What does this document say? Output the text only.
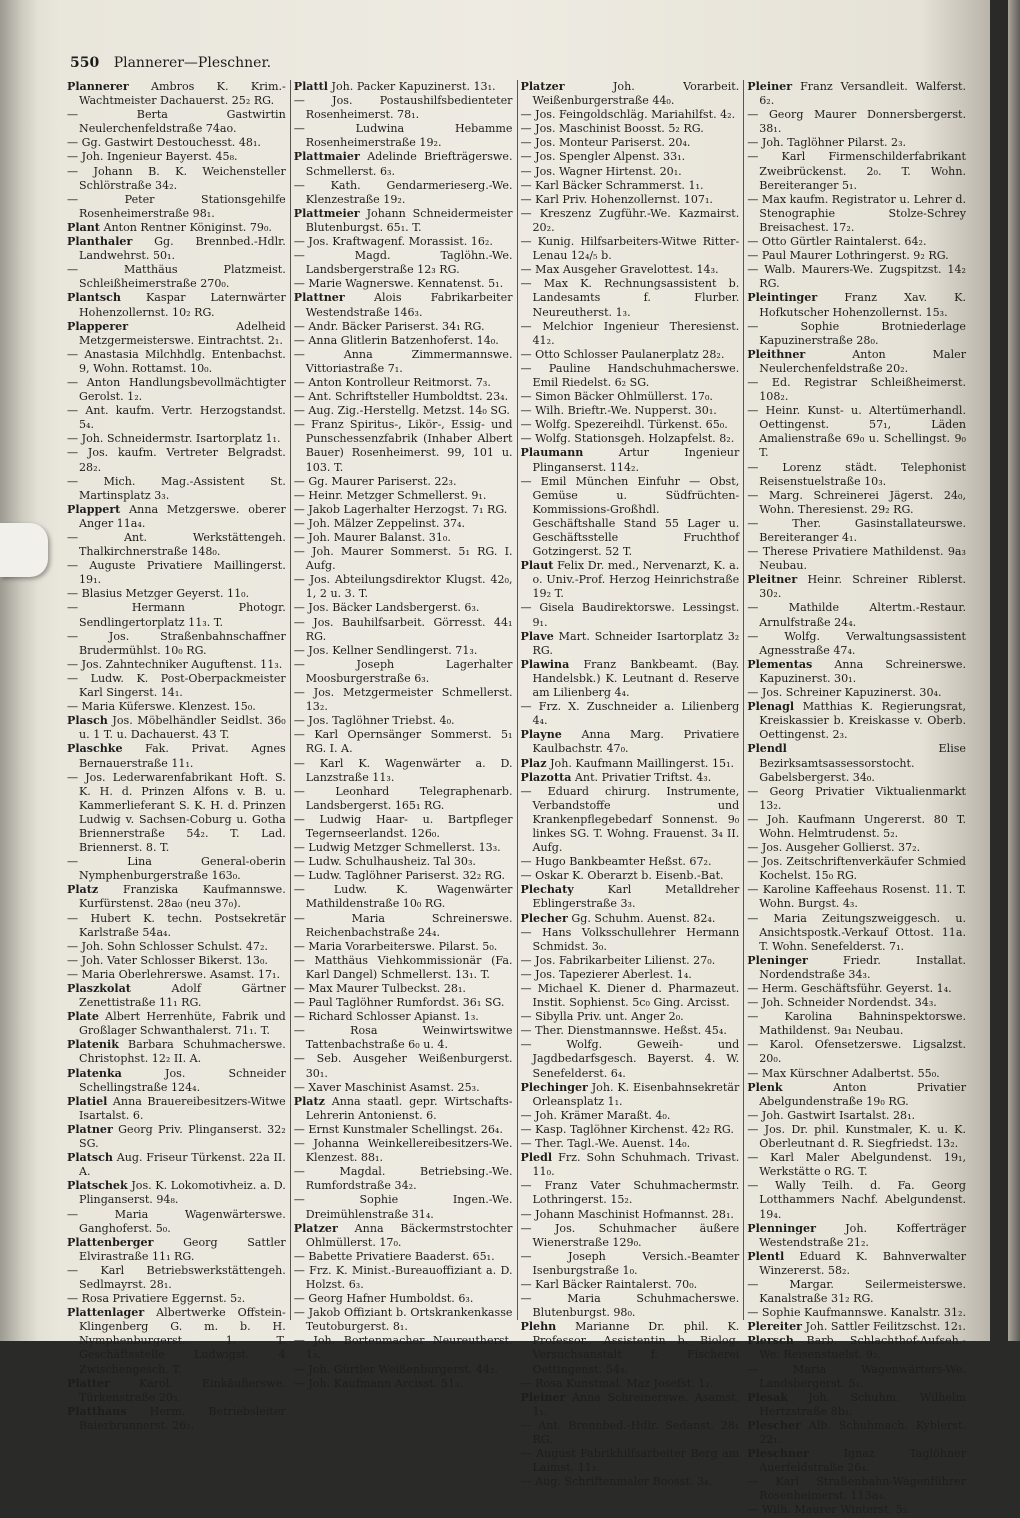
550 Plannerer—Pleschner.

Plannerer Ambros K. Krim.-Wachtmeister Dachauerst. 25₂ RG.

— Berta Gastwirtin Neulerchenfeldstraße 74ao.

— Gg. Gastwirt Destouchesst. 48₁.

— Joh. Ingenieur Bayerst. 45₈.

— Johann B. K. Weichensteller Schlörstraße 34₂.

— Peter Stationsgehilfe Rosenheimerstraße 98₁.

Plant Anton Rentner Königinst. 79₀.

Planthaler Gg. Brennbed.-Hdlr. Landwehrst. 50₁.

— Matthäus Platzmeist. Schleißheimerstraße 270₀.

Plantsch Kaspar Laternwärter Hohenzollernst. 10₂ RG.

Plapperer	Adelheid Metzgermeisterswe. Eintrachtst. 2₁.

— Anastasia Milchhdlg. Entenbachst. 9, Wohn. Rottamst. 10₀.

— Anton Handlungsbevollmächtigter Gerolst. 1₂.

— Ant. kaufm. Vertr. Herzogstandst. 5₄.

— Joh. Schneidermstr. Isartorplatz 1₁.

— Jos. kaufm. Vertreter Belgradst. 28₂.

— Mich. Mag.-Assistent St. Martinsplatz 3₃.

Plappert Anna Metzgerswe. oberer Anger 11a₄.

— Ant. Werkstättengeh. Thalkirchnerstraße 148₀.

— Auguste Privatiere Maillingerst. 19₁.

— Blasius Metzger Geyerst. 11₀.

— Hermann Photogr. Sendlingertorplatz 11₃. T.

— Jos. Straßenbahnschaffner Brudermühlst. 10₀ RG.

— Jos. Zahntechniker Auguftenst. 11₃.

— Ludw. K. Post-Oberpackmeister Karl Singerst. 14₁.

— Maria Küferswe. Klenzest. 15₀.

Plasch Jos. Möbelhändler Seidlst. 36₀ u. 1 T. u. Dachauerst. 43 T.

Plaschke Fak. Privat. Agnes Bernauerstraße 11₁.

— Jos. Lederwarenfabrikant Hoft. S. K. H. d. Prinzen Alfons v. B. u. Kammerlieferant S. K. H. d. Prinzen Ludwig v. Sachsen-Coburg u. Gotha Briennerstraße 54₂. T. Lad. Briennerst. 8. T.

— Lina General-oberin Nymphenburgerstraße 163₀.

Platz Franziska Kaufmannswe. Kurfürstenst. 28a₀ (neu 37₀).

— Hubert K. techn. Postsekretär Karlstraße 54a₄.

— Joh. Sohn Schlosser Schulst. 47₂.

— Joh. Vater Schlosser Bikerst. 13₀.

— Maria Oberlehrerswe. Asamst. 17₁.

Plaszkolat	Adolf Gärtner Zenettistraße 11₁ RG.

Plate Albert Herrenhüte, Fabrik und Großlager Schwanthalerst. 71₁. T.

Platenik Barbara Schuhmacherswe. Christophst. 12₂ II. A.

Platenka	Jos. Schneider Schellingstraße 124₄.

Platiel Anna Brauereibesitzers-Witwe Isartalst. 6.

Platner Georg Priv. Plinganserst. 32₂ SG.

Platsch Aug. Friseur Türkenst. 22a II. A.

Platschek Jos. K. Lokomotivheiz. a. D. Plinganserst. 94₈.

— Maria Wagenwärterswe. Ganghoferst. 5₀.

Plattenberger	Georg Sattler Elvirastraße 11₁ RG.

— Karl Betriebswerkstättengeh. Sedlmayrst. 28₁.

— Rosa Privatiere Eggernst. 5₂.

Plattenlager Albertwerke Offstein-Klingenberg G. m. b. H. Nymphenburgerst. 1. T. Geschäftsstelle Ludwigst. 4 Zwischengesch. T.

Platter	Karol. Einkäufierswe. Türkenstraße 20₃.

Platthaus Herm. Betriebsleiter Baierbrunnerst. 26₂.

Plattl Joh. Packer Kapuzinerst. 13₁.

— Jos. Postaushilfsbedienteter Rosenheimerst. 78₁.

— Ludwina Hebamme Rosenheimerstraße 19₂.

Plattmaier Adelinde Briefträgerswe. Schmellerst. 6₃.

— Kath. Gendarmerieserg.-We. Klenzestraße 19₂.

Plattmeier Johann Schneidermeister Blutenburgst. 65₁. T.

— Jos. Kraftwagenf. Morassist. 16₂.

— Magd. Taglöhn.-We. Landsbergerstraße 12₃ RG.

— Marie Wagnerswe. Kennatenst. 5₁.

Plattner	Alois Fabrikarbeiter Westendstraße 146₃.

— Andr. Bäcker Pariserst. 34₁ RG.

— Anna Glitlerin Batzenhoferst. 14₀.

— Anna Zimmermannswe. Vittoriastraße 7₁.

— Anton Kontrolleur Reitmorst. 7₃.

— Ant. Schriftsteller Humboldtst. 23₄.

— Aug. Zig.-Herstellg. Metzst. 14₀ SG.

— Franz Spiritus-, Likör-, Essig- und Punschessenzfabrik (Inhaber Albert Bauer) Rosenheimerst. 99, 101 u. 103. T.

— Gg. Maurer Pariserst. 22₃.

— Heinr. Metzger Schmellerst. 9₁.

— Jakob Lagerhalter Herzogst. 7₁ RG.

— Joh. Mälzer Zeppelinst. 37₄.

— Joh. Maurer Balanst. 31₀.

— Joh. Maurer Sommerst. 5₁ RG. I. Aufg.

— Jos. Abteilungsdirektor Klugst. 42₀, 1, 2 u. 3. T.

— Jos. Bäcker Landsbergerst. 6₃.

— Jos. Bauhilfsarbeit. Görresst. 44₁ RG.

— Jos. Kellner Sendlingerst. 71₃.

— Joseph Lagerhalter Moosburgerstraße 6₃.

— Jos. Metzgermeister Schmellerst. 13₂.

— Jos. Taglöhner Triebst. 4₀.

— Karl Opernsänger Sommerst. 5₁ RG. I. A.

— Karl K. Wagenwärter a. D. Lanzstraße 11₃.

— Leonhard Telegraphenarb. Landsbergerst. 165₁ RG.

— Ludwig Haar- u. Bartpfleger Tegernseerlandst. 126₀.

— Ludwig Metzger Schmellerst. 13₃.

— Ludw. Schulhausheiz. Tal 30₃.

— Ludw. Taglöhner Pariserst. 32₂ RG.

— Ludw. K. Wagenwärter Mathildenstraße 10₀ RG.

— Maria Schreinerswe. Reichenbachstraße 24₄.

— Maria Vorarbeiterswe. Pilarst. 5₀.

— Matthäus Viehkommissionär (Fa. Karl Dangel) Schmellerst. 13₁. T.

— Max Maurer Tulbeckst. 28₁.

— Paul Taglöhner Rumfordst. 36₁ SG.

— Richard Schlosser Apianst. 1₃.

— Rosa Weinwirtswitwe Tattenbachstraße 6₀ u. 4.

— Seb. Ausgeher Weißenburgerst. 30₁.

— Xaver Maschinist Asamst. 25₃.

Platz Anna staatl. gepr. Wirtschafts-Lehrerin Antonienst. 6.

— Ernst Kunstmaler Schellingst. 26₄.

— Johanna Weinkellereibesitzers-We. Klenzest. 88₁.

— Magdal. Betriebsing.-We. Rumfordstraße 34₂.

— Sophie Ingen.-We. Dreimühlenstraße 31₄.

Platzer Anna Bäckermstrstochter Ohlmüllerst. 17₀.

— Babette Privatiere Baaderst. 65₁.

— Frz. K. Minist.-Bureauoffiziant a. D. Holzst. 6₃.

— Georg Hafner Humboldst. 6₃.

— Jakob Offiziant b. Ortskrankenkasse Teutoburgerst. 8₁.

— Joh. Bortenmacher Neureutherst. 1₃.

— Joh. Gürtler Weißenburgerst. 44₂.

— Joh. Kaufmann Arcisst. 51₃.

Platzer	Joh. Vorarbeit. Weißenburgerstraße 44₀.

— Jos. Feingoldschläg. Mariahilfst. 4₂.

— Jos. Maschinist Boosst. 5₂ RG.

— Jos. Monteur Pariserst. 20₄.

— Jos. Spengler Alpenst. 33₁.

— Jos. Wagner Hirtenst. 20₁.

— Karl Bäcker Schrammerst. 1₁.

— Karl Priv. Hohenzollernst. 107₁.

— Kreszenz Zugführ.-We. Kazmairst. 20₂.

— Kunig. Hilfsarbeiters-Witwe Ritter-Lenau 12₄/₅ b.

— Max Ausgeher Gravelottest. 14₃.

— Max K. Rechnungsassistent b. Landesamts f. Flurber. Neureutherst. 1₃.

— Melchior Ingenieur Theresienst. 41₂.

— Otto Schlosser Paulanerplatz 28₂.

— Pauline Handschuhmacherswe. Emil Riedelst. 6₂ SG.

— Simon Bäcker Ohlmüllerst. 17₀.

— Wilh. Brieftr.-We. Nupperst. 30₁.

— Wolfg. Spezereihdl. Türkenst. 65₀.

— Wolfg. Stationsgeh. Holzapfelst. 8₂.

Plaumann	Artur Ingenieur Plinganserst. 114₂.

— Emil München Einfuhr — Obst, Gemüse u. Südfrüchten-Kommissions-Großhdl. Geschäftshalle Stand 55 Lager u. Geschäftsstelle Fruchthof Gotzingerst. 52 T.

Plaut Felix Dr. med., Nervenarzt, K. a. o. Univ.-Prof. Herzog Heinrichstraße 19₂ T.

— Gisela Baudirektorswe. Lessingst. 9₁.

Plave Mart. Schneider Isartorplatz 3₂ RG.

Plawina Franz Bankbeamt. (Bay. Handelsbk.) K. Leutnant d. Reserve am Lilienberg 4₄.

— Frz. X. Zuschneider a. Lilienberg 4₄.

Playne Anna Marg. Privatiere Kaulbachstr. 47₀.

Plaz Joh. Kaufmann Maillingerst. 15₁.

Plazotta Ant. Privatier Triftst. 4₃.

— Eduard chirurg. Instrumente, Verbandstoffe und Krankenpflegebedarf Sonnenst. 9₀ linkes SG. T. Wohng. Frauenst. 3₄ II. Aufg.

— Hugo Bankbeamter Heßst. 67₂.

— Oskar K. Oberarzt b. Eisenb.-Bat.

Plechaty	Karl Metalldreher Eblingerstraße 3₃.

Plecher Gg. Schuhm. Auenst. 82₄.

— Hans Volksschullehrer Hermann Schmidst. 3₀.

— Jos. Fabrikarbeiter Lilienst. 27₀.

— Jos. Tapezierer Aberlest. 1₄.

— Michael K. Diener d. Pharmazeut. Instit. Sophienst. 5c₀ Ging. Arcisst.

— Sibylla Priv. unt. Anger 2₀.

— Ther. Dienstmannswe. Heßst. 45₄.

— Wolfg. Geweih- und Jagdbedarfsgesch. Bayerst. 4. W. Senefelderst. 6₄.

Plechinger Joh. K. Eisenbahnsekretär Orleansplatz 1₁.

— Joh. Krämer Maraßt. 4₀.

— Kasp. Taglöhner Kirchenst. 42₂ RG.

— Ther. Tagl.-We. Auenst. 14₀.

Pledl Frz. Sohn Schuhmach. Trivast. 11₀.

— Franz Vater Schuhmachermstr. Lothringerst. 15₂.

— Johann Maschinist Hofmannst. 28₁.

— Jos. Schuhmacher äußere Wienerstraße 129₀.

— Joseph Versich.-Beamter Isenburgstraße 1₀.

— Karl Bäcker Raintalerst. 70₀.

— Maria Schuhmacherswe. Blutenburgst. 98₀.

Plehn Marianne Dr. phil. K. Professor., Assistentin b. Biolog. Versuchsanstalt f. Fischerei Oettingenst. 54₃.

— Rosa Kunstmal. Maz Josefst. 1₂.

Pleiner Anna Schreinerswe. Asamst. 1₁.

— Ant. Brennbed.-Hdlr. Sedanst. 28₁ RG.

— August Fabrikhilfsarbeiter Berg am Laimst. 11₂.

— Aug. Schriftenmaler Boosst. 3₄.

Pleiner Franz Versandleit. Walferst. 6₂.

— Georg Maurer Donnersbergerst. 38₁.

— Joh. Taglöhner Pilarst. 2₃.

— Karl Firmenschilderfabrikant Zweibrückenst. 2₀. T. Wohn. Bereiteranger 5₁.

— Max kaufm. Registrator u. Lehrer d. Stenographie Stolze-Schrey Breisachest. 17₂.

— Otto Gürtler Raintalerst. 64₂.

— Paul Maurer Lothringerst. 9₂ RG.

— Walb. Maurers-We. Zugspitzst. 14₂ RG.

Pleintinger Franz Xav. K. Hofkutscher Hohenzollernst. 15₃.

— Sophie Brotniederlage Kapuzinerstraße 28₀.

Pleithner	Anton Maler Neulerchenfeldstraße 20₂.

— Ed. Registrar Schleißheimerst. 108₂.

— Heinr. Kunst- u. Altertümerhandl. Oettingenst. 57₁, Läden Amalienstraße 69₀ u. Schellingst. 9₀ T.

— Lorenz städt. Telephonist Reisenstuelstraße 10₃.

— Marg. Schreinerei Jägerst. 24₀, Wohn. Theresienst. 29₂ RG.

— Ther. Gasinstallateurswe. Bereiteranger 4₁.

— Therese Privatiere Mathildenst. 9a₃ Neubau.

Pleitner Heinr. Schreiner Riblerst. 30₂.

— Mathilde Altertm.-Restaur. Arnulfstraße 24₄.

— Wolfg. Verwaltungsassistent Agnesstraße 47₄.

Plementas Anna Schreinerswe. Kapuzinerst. 30₁.

— Jos. Schreiner Kapuzinerst. 30₄.

Plenagl Matthias K. Regierungsrat, Kreiskassier b. Kreiskasse v. Oberb. Oettingenst. 2₃.

Plendl	Elise Bezirksamtsassessorstocht. Gabelsbergerst. 34₀.

— Georg Privatier Viktualienmarkt 13₂.

— Joh. Kaufmann Ungererst. 80 T. Wohn. Helmtrudenst. 5₂.

— Jos. Ausgeher Gollierst. 37₂.

— Jos. Zeitschriftenverkäufer Schmied Kochelst. 15₀ RG.

— Karoline Kaffeehaus Rosenst. 11. T. Wohn. Burgst. 4₃.

— Maria Zeitungszweiggesch. u. Ansichtspostk.-Verkauf Ottost. 11a. T. Wohn. Senefelderst. 7₁.

Pleninger	Friedr. Installat. Nordendstraße 34₃.

— Herm. Geschäftsführ. Geyerst. 1₄.

— Joh. Schneider Nordendst. 34₃.

— Karolina Bahninspektorswe. Mathildenst. 9a₁ Neubau.

— Karol. Ofensetzerswe. Ligsalzst. 20₀.

— Max Kürschner Adalbertst. 55₀.

Plenk	Anton Privatier Abelgundenstraße 19₀ RG.

— Joh. Gastwirt Isartalst. 28₁.

— Jos. Dr. phil. Kunstmaler, K. u. K. Oberleutnant d. R. Siegfriedst. 13₂.

— Karl Maler Abelgundenst. 19₁, Werkstätte o RG. T.

— Wally Teilh. d. Fa. Georg Lotthammers Nachf. Abelgundenst. 19₄.

Plenninger	Joh. Kofferträger Westendstraße 21₂.

Plentl Eduard K. Bahnverwalter Winzererst. 58₂.

— Margar. Seilermeisterswe. Kanalstraße 31₂ RG.

— Sophie Kaufmannswe. Kanalstr. 31₂.

Plereiter Joh. Sattler Feilitzschst. 12₁.

Plersch Barb. Schlachthof-Aufseh.-We. Reisenstuelst. 9₂.

— Maria Wagenwärters-We. Landsbergerst. 5₃.

Plesak Joh. Schuhm. Wilhelm Hertzstraße 8b₁.

Plescher Alb. Schuhmach. Kyblerst. 22₁.

Pleschner	Ignaz Taglöhner Auerfeldstraße 26₄.

— Karl Straßenbahn-Wagenführer Rosenheimerst. 113a₄.

— Wilh. Maurer Winterst. 5₂.
